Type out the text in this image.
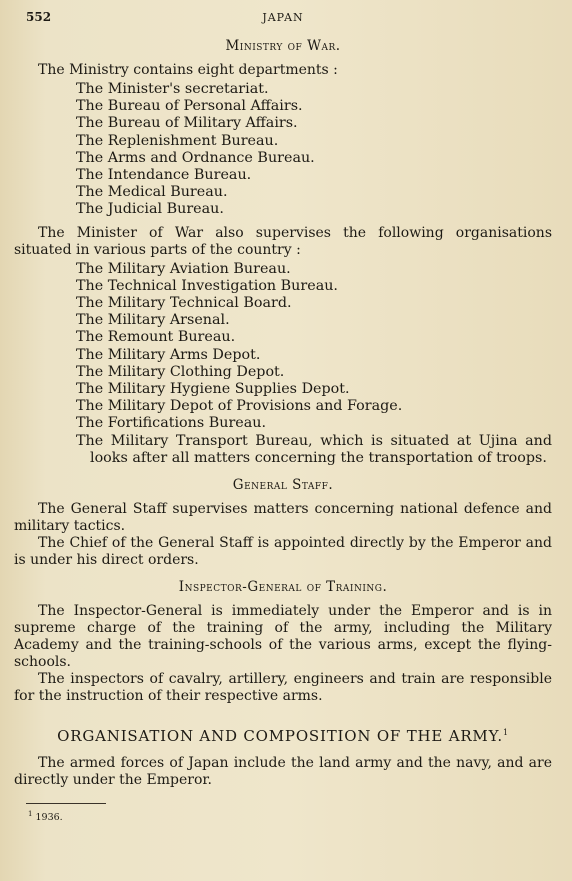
552	JAPAN
Ministry of War.

The Ministry contains eight departments :

The Minister's secretariat.
The Bureau of Personal Affairs.
The Bureau of Military Affairs.
The Replenishment Bureau.
The Arms and Ordnance Bureau.
The Intendance Bureau.
The Medical Bureau.
The Judicial Bureau.

The Minister of War also supervises the following organisations situated in various parts of the country :

The Military Aviation Bureau.
The Technical Investigation Bureau.
The Military Technical Board.
The Military Arsenal.
The Remount Bureau.
The Military Arms Depot.
The Military Clothing Depot.
The Military Hygiene Supplies Depot.
The Military Depot of Provisions and Forage.
The Fortifications Bureau.
The Military Transport Bureau, which is situated at Ujina and looks after all matters concerning the transportation of troops.
General Staff.

The General Staff supervises matters concerning national defence and military tactics.

The Chief of the General Staff is appointed directly by the Emperor and is under his direct orders.

Inspector-General of Training.

The Inspector-General is immediately under the Emperor and is in supreme charge of the training of the army, including the Military Academy and the training-schools of the various arms, except the flying-schools.

The inspectors of cavalry, artillery, engineers and train are responsible for the instruction of their respective arms.

ORGANISATION AND COMPOSITION OF THE ARMY.$^1$

The armed forces of Japan include the land army and the navy, and are directly under the Emperor.

$^1$ 1936.
